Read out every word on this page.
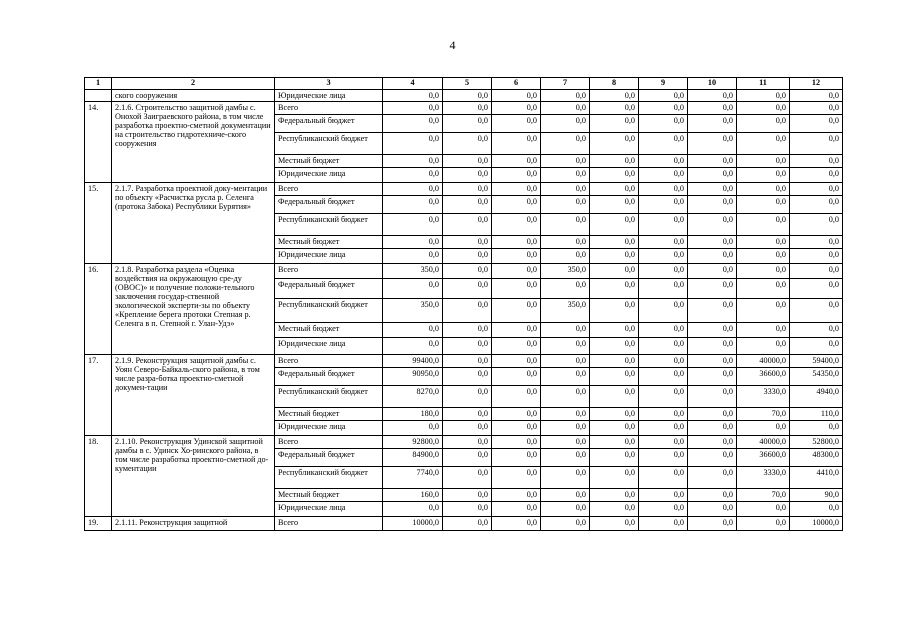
4
1	2	3	4	5	6	7	8	9	10	11	12
	ского сооружения	Юридические лица	0,0	0,0	0,0	0,0	0,0	0,0	0,0	0,0	0,0
14.	2.1.6. Строительство защитной дамбы с. Онохой Заиграевского района, в том числе разработка проектно-сметной документации на строительство гидротехниче-ского сооружения	Всего	0,0	0,0	0,0	0,0	0,0	0,0	0,0	0,0	0,0
		Федеральный бюджет	0,0	0,0	0,0	0,0	0,0	0,0	0,0	0,0	0,0
		Республиканский бюджет	0,0	0,0	0,0	0,0	0,0	0,0	0,0	0,0	0,0
		Местный бюджет	0,0	0,0	0,0	0,0	0,0	0,0	0,0	0,0	0,0
		Юридические лица	0,0	0,0	0,0	0,0	0,0	0,0	0,0	0,0	0,0
15.	2.1.7. Разработка проектной доку-ментации по объекту «Расчистка русла р. Селенга (протока Забока) Республики Бурятия»	Всего	0,0	0,0	0,0	0,0	0,0	0,0	0,0	0,0	0,0
		Федеральный бюджет	0,0	0,0	0,0	0,0	0,0	0,0	0,0	0,0	0,0
		Республиканский бюджет	0,0	0,0	0,0	0,0	0,0	0,0	0,0	0,0	0,0
		Местный бюджет	0,0	0,0	0,0	0,0	0,0	0,0	0,0	0,0	0,0
		Юридические лица	0,0	0,0	0,0	0,0	0,0	0,0	0,0	0,0	0,0
16.	2.1.8. Разработка раздела «Оценка воздействия на окружающую сре-ду (ОВОС)» и получение положи-тельного заключения государ-ственной экологической эксперти-зы по объекту «Крепление берега протоки Степная р. Селенга в п. Степной г. Улан-Удэ»	Всего	350,0	0,0	0,0	350,0	0,0	0,0	0,0	0,0	0,0
		Федеральный бюджет	0,0	0,0	0,0	0,0	0,0	0,0	0,0	0,0	0,0
		Республиканский бюджет	350,0	0,0	0,0	350,0	0,0	0,0	0,0	0,0	0,0
		Местный бюджет	0,0	0,0	0,0	0,0	0,0	0,0	0,0	0,0	0,0
		Юридические лица	0,0	0,0	0,0	0,0	0,0	0,0	0,0	0,0	0,0
17.	2.1.9. Реконструкция защитной дамбы с. Уоян Северо-Байкаль-ского района, в том числе разра-ботка проектно-сметной докумен-тации	Всего	99400,0	0,0	0,0	0,0	0,0	0,0	0,0	40000,0	59400,0
		Федеральный бюджет	90950,0	0,0	0,0	0,0	0,0	0,0	0,0	36600,0	54350,0
		Республиканский бюджет	8270,0	0,0	0,0	0,0	0,0	0,0	0,0	3330,0	4940,0
		Местный бюджет	180,0	0,0	0,0	0,0	0,0	0,0	0,0	70,0	110,0
		Юридические лица	0,0	0,0	0,0	0,0	0,0	0,0	0,0	0,0	0,0
18.	2.1.10. Реконструкция Удинской защитной дамбы в с. Удинск Хо-ринского района, в том числе разработка проектно-сметной до-кументации	Всего	92800,0	0,0	0,0	0,0	0,0	0,0	0,0	40000,0	52800,0
		Федеральный бюджет	84900,0	0,0	0,0	0,0	0,0	0,0	0,0	36600,0	48300,0
		Республиканский бюджет	7740,0	0,0	0,0	0,0	0,0	0,0	0,0	3330,0	4410,0
		Местный бюджет	160,0	0,0	0,0	0,0	0,0	0,0	0,0	70,0	90,0
		Юридические лица	0,0	0,0	0,0	0,0	0,0	0,0	0,0	0,0	0,0
19.	2.1.11. Реконструкция защитной	Всего	10000,0	0,0	0,0	0,0	0,0	0,0	0,0	0,0	10000,0
